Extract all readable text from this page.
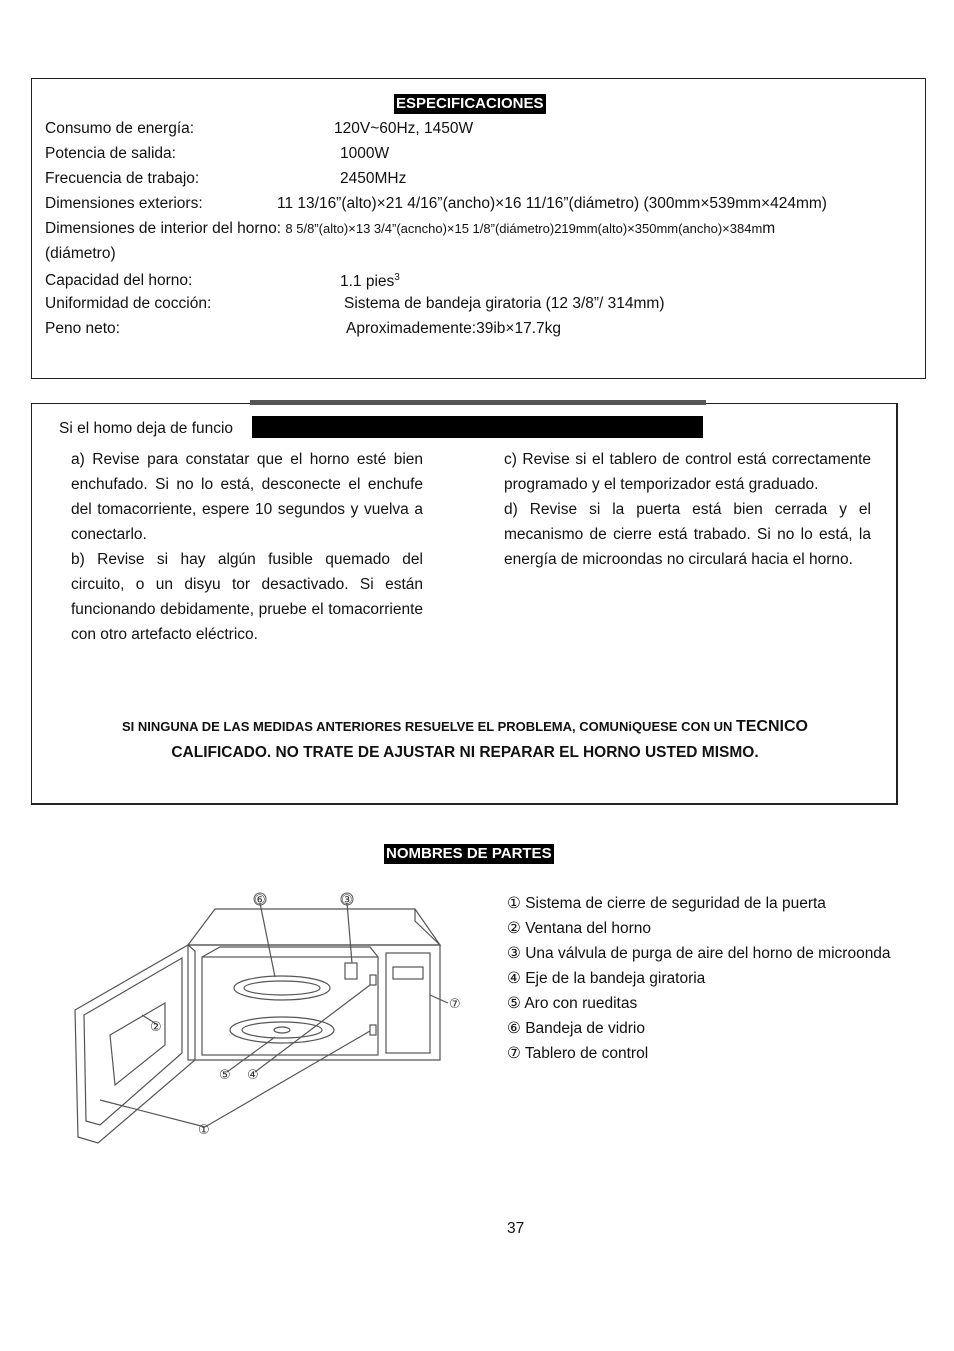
ESPECIFICACIONES
Consumo de energía:	120V~60Hz, 1450W
Potencia de salida:	1000W
Frecuencia de trabajo:	2450MHz
Dimensiones exteriors:	11 13/16”(alto)×21 4/16”(ancho)×16 11/16”(diámetro) (300mm×539mm×424mm)
Dimensiones de interior del horno: 8 5/8”(alto)×13 3/4”(acncho)×15 1/8”(diámetro)219mm(alto)×350mm(ancho)×384mm
(diámetro)
Capacidad del horno:	1.1 pies$^3$
Uniformidad de cocción:	Sistema de bandeja giratoria (12 3/8”/ 314mm)
Peno neto:	Aproximademente:39ib×17.7kg
Si el homo deja de funcio

a) Revise para constatar que el horno esté bien enchufado. Si no lo está, desconecte el enchufe del tomacorriente, espere 10 segundos y vuelva a conectarlo.

b) Revise si hay algún fusible quemado del circuito, o un disyu tor desactivado. Si están funcionando debidamente, pruebe el tomacorriente con otro artefacto eléctrico.

c) Revise si el tablero de control está correctamente programado y el temporizador está graduado.

d) Revise si la puerta está bien cerrada y el mecanismo de cierre está trabado. Si no lo está, la energía de microondas no circulará hacia el horno.

SI NINGUNA DE LAS MEDIDAS ANTERIORES RESUELVE EL PROBLEMA, COMUNiQUESE CON UN TECNICO
CALIFICADO. NO TRATE DE AJUSTAR NI REPARAR EL HORNO USTED MISMO.
NOMBRES DE PARTES
⑥	③
②
⑦
⑤ ④
①
① Sistema de cierre de seguridad de la puerta
② Ventana del horno
③ Una válvula de purga de aire del horno de microonda
④ Eje de la bandeja giratoria
⑤ Aro con rueditas
⑥ Bandeja de vidrio
⑦ Tablero de control
37
